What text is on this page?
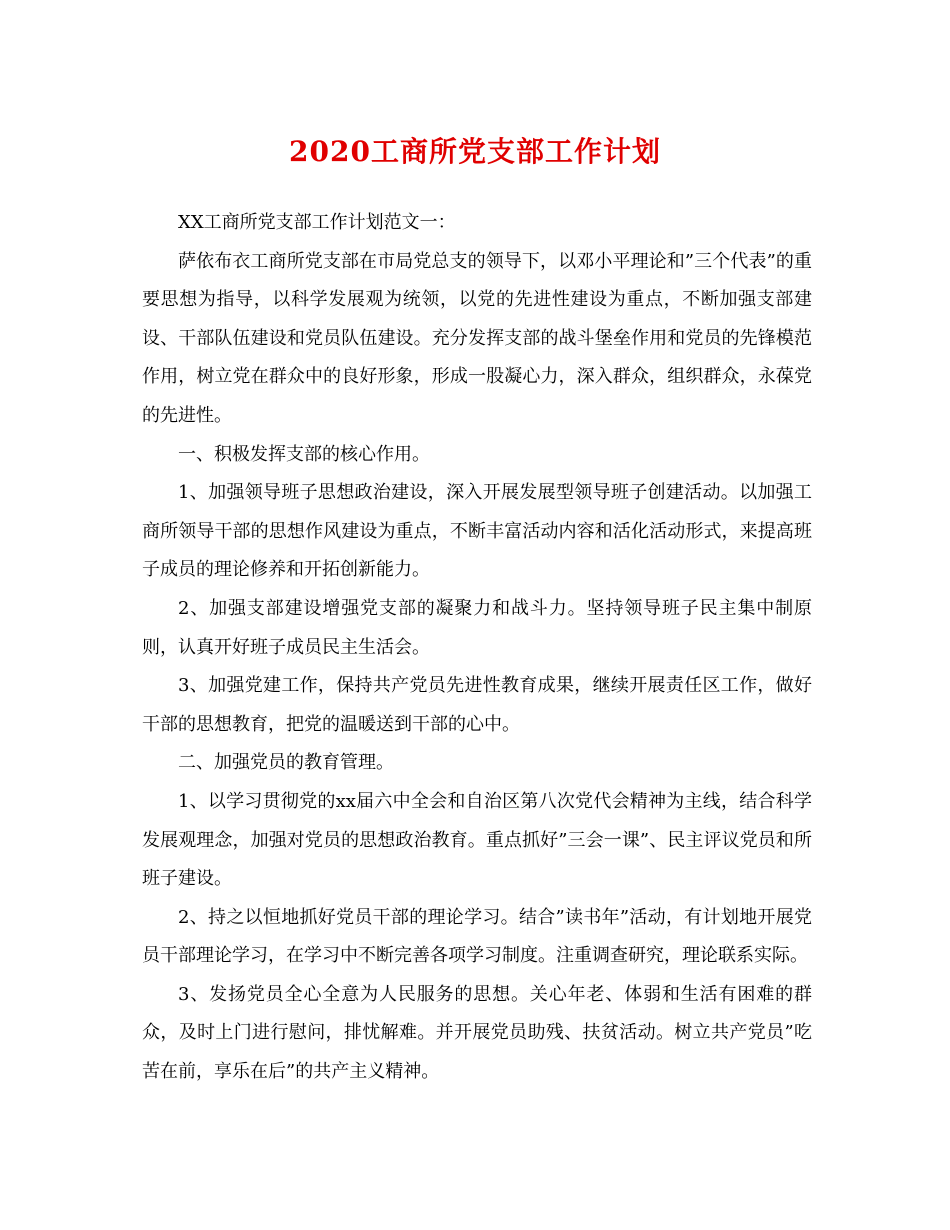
2020工商所党支部工作计划

XX工商所党支部工作计划范文一：

萨依布衣工商所党支部在市局党总支的领导下，以邓小平理论和”三个代表”的重要思想为指导，以科学发展观为统领，以党的先进性建设为重点，不断加强支部建设、干部队伍建设和党员队伍建设。充分发挥支部的战斗堡垒作用和党员的先锋模范作用，树立党在群众中的良好形象，形成一股凝心力，深入群众，组织群众，永葆党的先进性。

一、积极发挥支部的核心作用。

1、加强领导班子思想政治建设，深入开展发展型领导班子创建活动。以加强工商所领导干部的思想作风建设为重点，不断丰富活动内容和活化活动形式，来提高班子成员的理论修养和开拓创新能力。

2、加强支部建设增强党支部的凝聚力和战斗力。坚持领导班子民主集中制原则，认真开好班子成员民主生活会。

3、加强党建工作，保持共产党员先进性教育成果，继续开展责任区工作，做好干部的思想教育，把党的温暖送到干部的心中。

二、加强党员的教育管理。

1、以学习贯彻党的xx届六中全会和自治区第八次党代会精神为主线，结合科学发展观理念，加强对党员的思想政治教育。重点抓好”三会一课”、民主评议党员和所班子建设。

2、持之以恒地抓好党员干部的理论学习。结合”读书年”活动，有计划地开展党员干部理论学习，在学习中不断完善各项学习制度。注重调查研究，理论联系实际。

3、发扬党员全心全意为人民服务的思想。关心年老、体弱和生活有困难的群众，及时上门进行慰问，排忧解难。并开展党员助残、扶贫活动。树立共产党员”吃苦在前，享乐在后”的共产主义精神。
